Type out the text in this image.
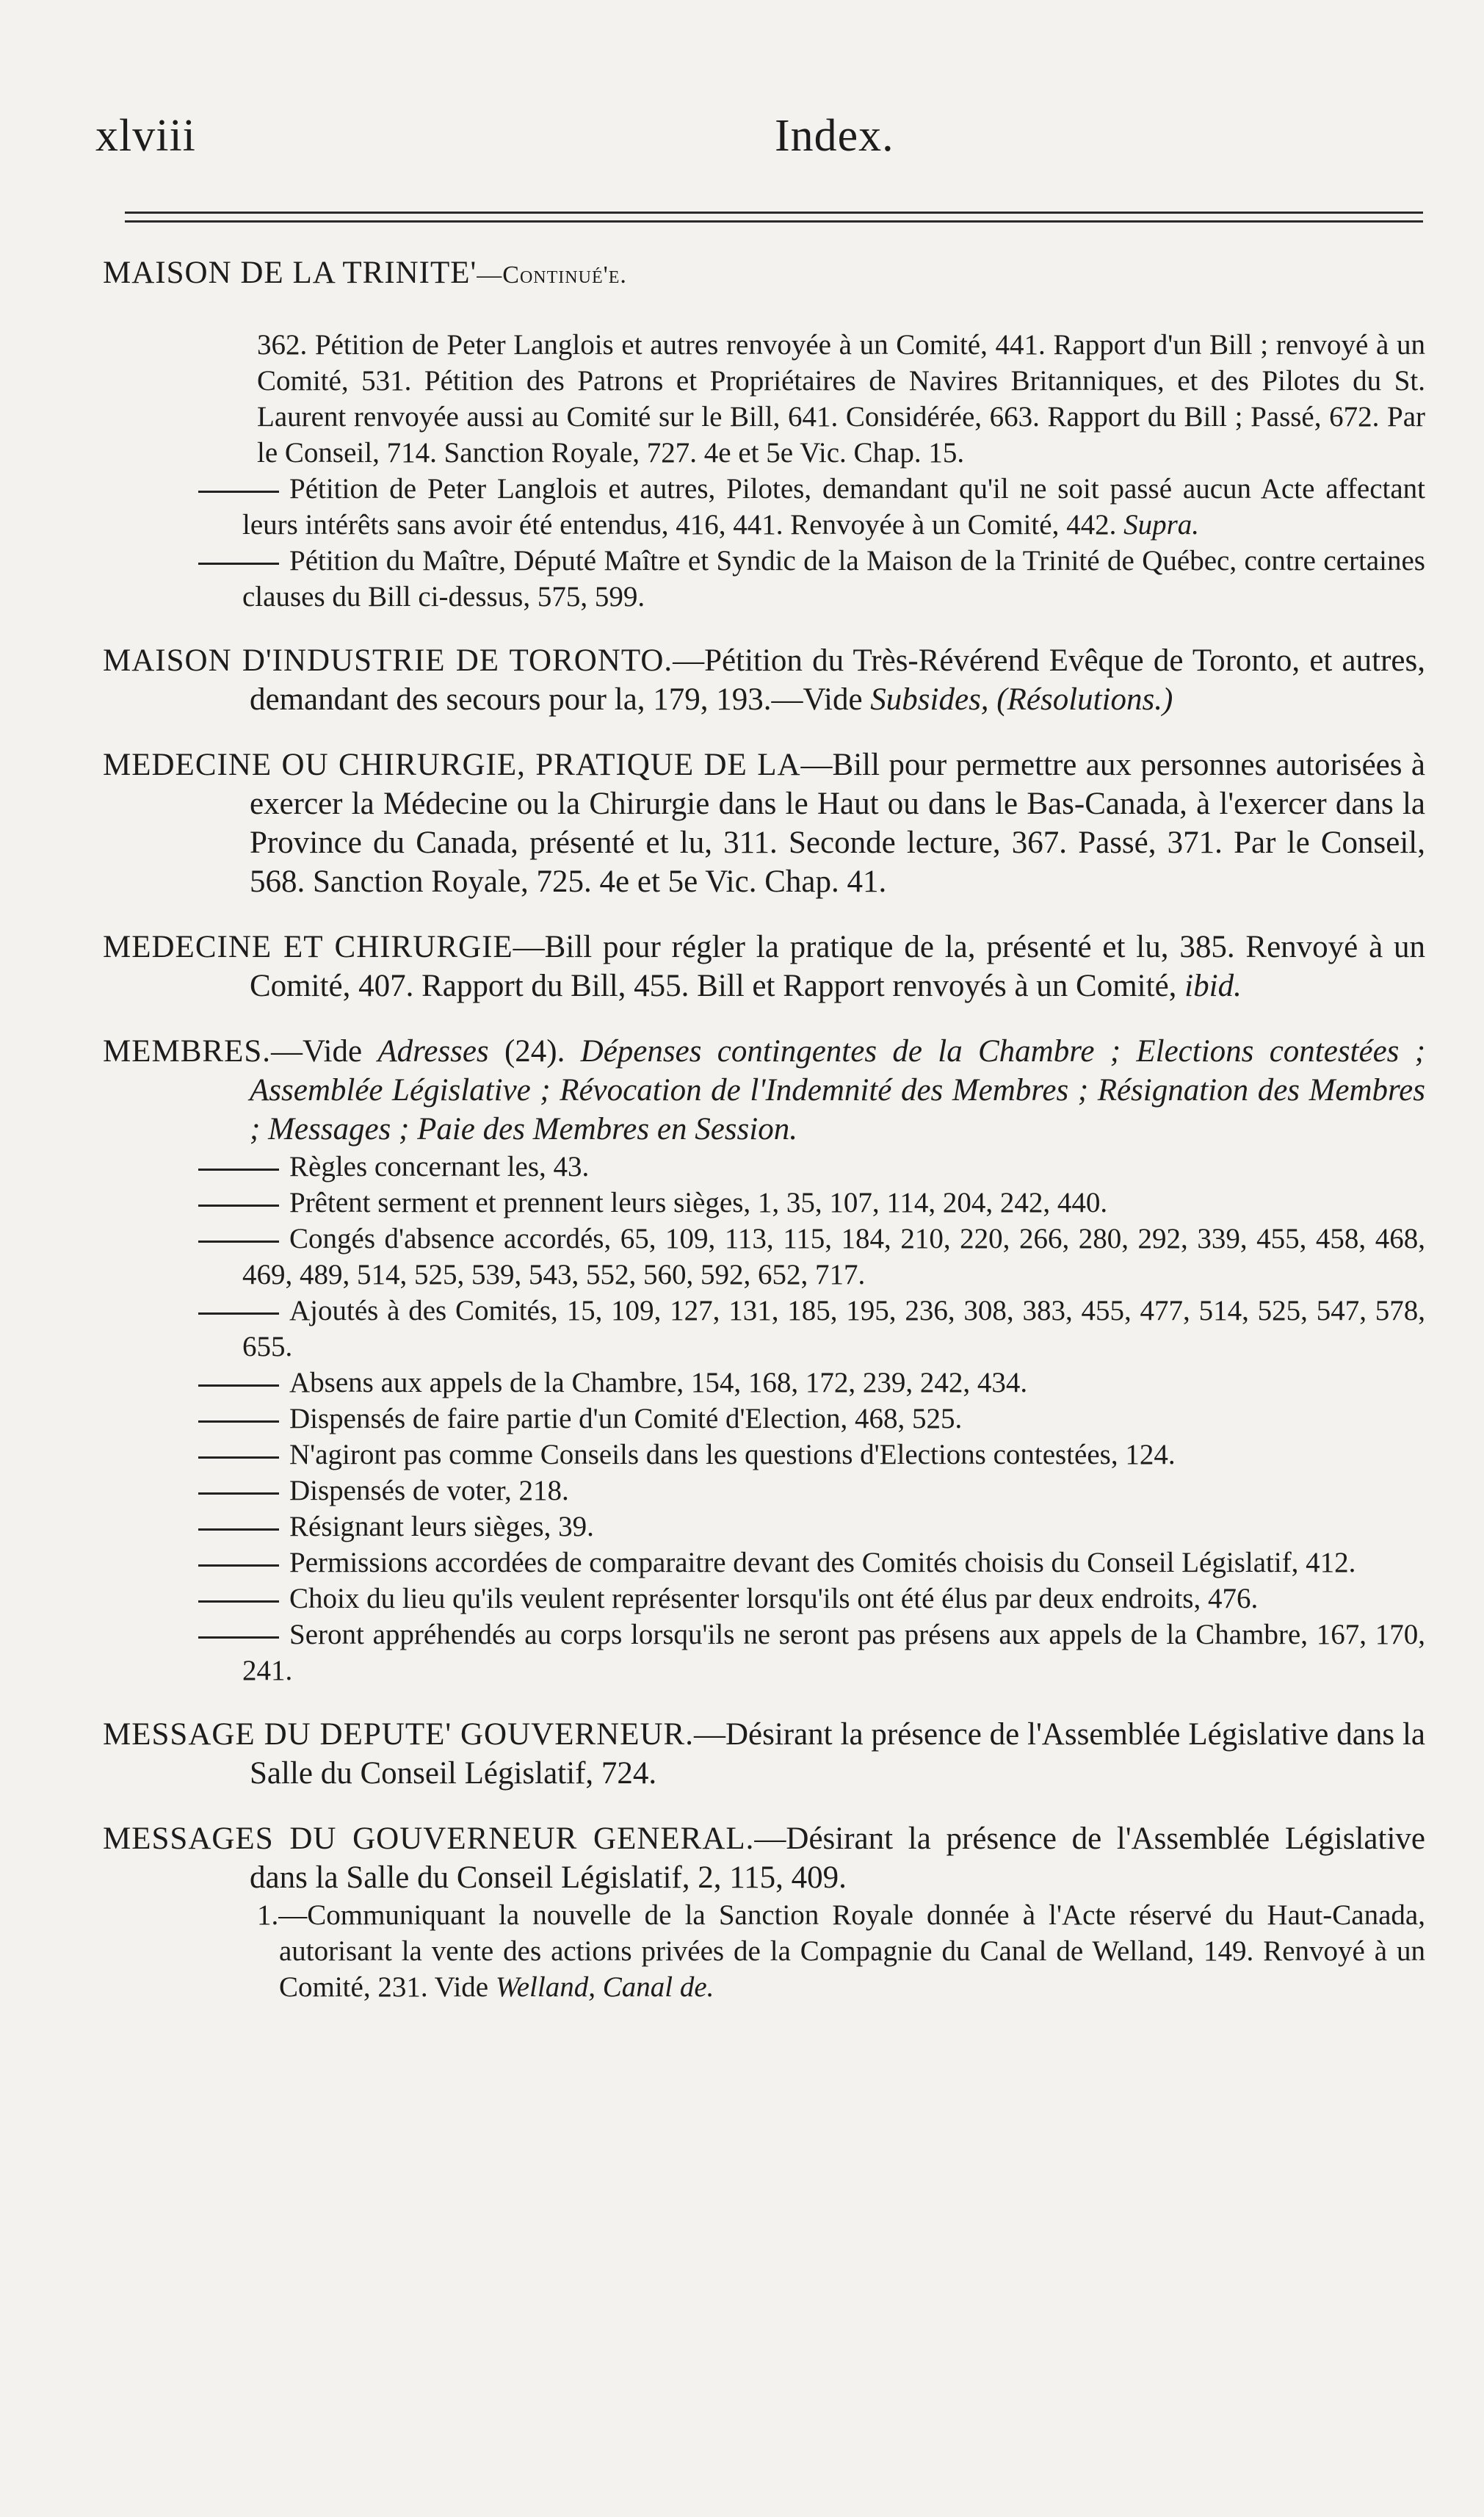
xlviii	Index.
MAISON DE LA TRINITE'—Continué'e.
362. Pétition de Peter Langlois et autres renvoyée à un Comité, 441. Rapport d'un Bill ; renvoyé à un Comité, 531. Pétition des Patrons et Propriétaires de Navires Britanniques, et des Pilotes du St. Laurent renvoyée aussi au Comité sur le Bill, 641. Considérée, 663. Rapport du Bill ; Passé, 672. Par le Conseil, 714. Sanction Royale, 727. 4e et 5e Vic. Chap. 15.
Pétition de Peter Langlois et autres, Pilotes, demandant qu'il ne soit passé aucun Acte affectant leurs intérêts sans avoir été entendus, 416, 441. Renvoyée à un Comité, 442. Supra.
Pétition du Maître, Député Maître et Syndic de la Maison de la Trinité de Québec, contre certaines clauses du Bill ci-dessus, 575, 599.
MAISON D'INDUSTRIE DE TORONTO.—Pétition du Très-Révérend Evêque de Toronto, et autres, demandant des secours pour la, 179, 193.—Vide Subsides, (Résolutions.)
MEDECINE OU CHIRURGIE, PRATIQUE DE LA—Bill pour permettre aux personnes autorisées à exercer la Médecine ou la Chirurgie dans le Haut ou dans le Bas-Canada, à l'exercer dans la Province du Canada, présenté et lu, 311. Seconde lecture, 367. Passé, 371. Par le Conseil, 568. Sanction Royale, 725. 4e et 5e Vic. Chap. 41.
MEDECINE ET CHIRURGIE—Bill pour régler la pratique de la, présenté et lu, 385. Renvoyé à un Comité, 407. Rapport du Bill, 455. Bill et Rapport renvoyés à un Comité, ibid.
MEMBRES.—Vide Adresses (24). Dépenses contingentes de la Chambre ; Elections contestées ; Assemblée Législative ; Révocation de l'Indemnité des Membres ; Résignation des Membres ; Messages ; Paie des Membres en Session.
Règles concernant les, 43.
Prêtent serment et prennent leurs sièges, 1, 35, 107, 114, 204, 242, 440.
Congés d'absence accordés, 65, 109, 113, 115, 184, 210, 220, 266, 280, 292, 339, 455, 458, 468, 469, 489, 514, 525, 539, 543, 552, 560, 592, 652, 717.
Ajoutés à des Comités, 15, 109, 127, 131, 185, 195, 236, 308, 383, 455, 477, 514, 525, 547, 578, 655.
Absens aux appels de la Chambre, 154, 168, 172, 239, 242, 434.
Dispensés de faire partie d'un Comité d'Election, 468, 525.
N'agiront pas comme Conseils dans les questions d'Elections contestées, 124.
Dispensés de voter, 218.
Résignant leurs sièges, 39.
Permissions accordées de comparaitre devant des Comités choisis du Conseil Législatif, 412.
Choix du lieu qu'ils veulent représenter lorsqu'ils ont été élus par deux endroits, 476.
Seront appréhendés au corps lorsqu'ils ne seront pas présens aux appels de la Chambre, 167, 170, 241.
MESSAGE DU DEPUTE' GOUVERNEUR.—Désirant la présence de l'Assemblée Législative dans la Salle du Conseil Législatif, 724.
MESSAGES DU GOUVERNEUR GENERAL.—Désirant la présence de l'Assemblée Législative dans la Salle du Conseil Législatif, 2, 115, 409.
1.—Communiquant la nouvelle de la Sanction Royale donnée à l'Acte réservé du Haut-Canada, autorisant la vente des actions privées de la Compagnie du Canal de Welland, 149. Renvoyé à un Comité, 231. Vide Welland, Canal de.
